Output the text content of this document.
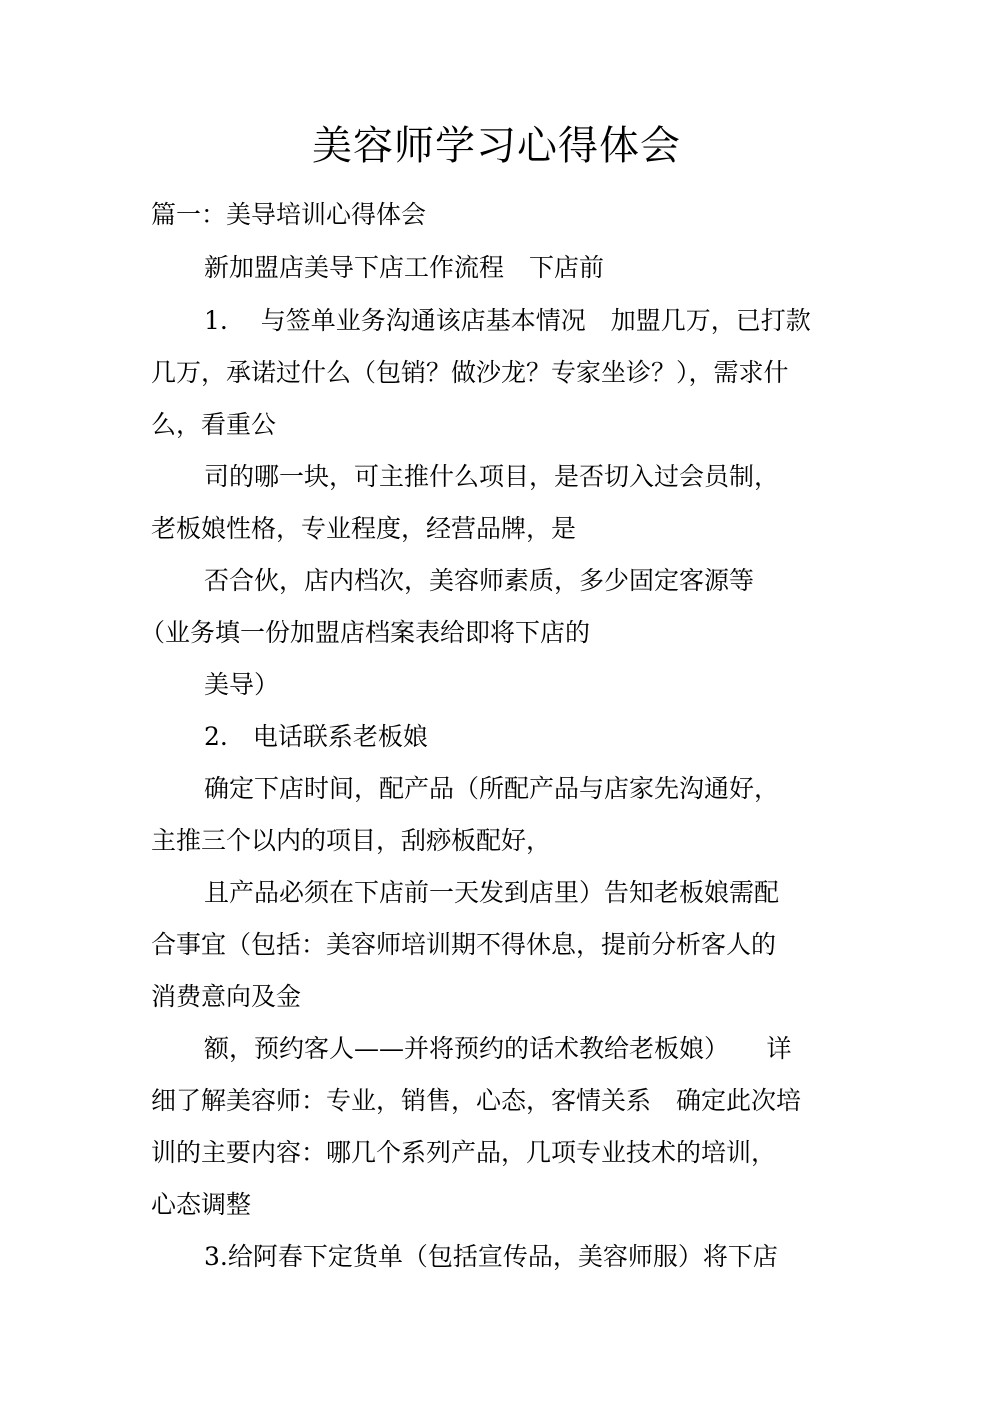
美容师学习心得体会

篇一：美导培训心得体会

新加盟店美导下店工作流程　下店前

1.　 与签单业务沟通该店基本情况　加盟几万，已打款

几万，承诺过什么（包销？做沙龙？专家坐诊？），需求什

么，看重公

司的哪一块，可主推什么项目，是否切入过会员制，

老板娘性格，专业程度，经营品牌，是

否合伙，店内档次，美容师素质，多少固定客源等

（业务填一份加盟店档案表给即将下店的

美导）

2.　电话联系老板娘

确定下店时间，配产品（所配产品与店家先沟通好，

主推三个以内的项目，刮痧板配好，

且产品必须在下店前一天发到店里）告知老板娘需配

合事宜（包括：美容师培训期不得休息，提前分析客人的

消费意向及金

额，预约客人——并将预约的话术教给老板娘）　　详

细了解美容师：专业，销售，心态，客情关系　确定此次培

训的主要内容：哪几个系列产品，几项专业技术的培训，

心态调整

3.给阿春下定货单（包括宣传品，美容师服）将下店
